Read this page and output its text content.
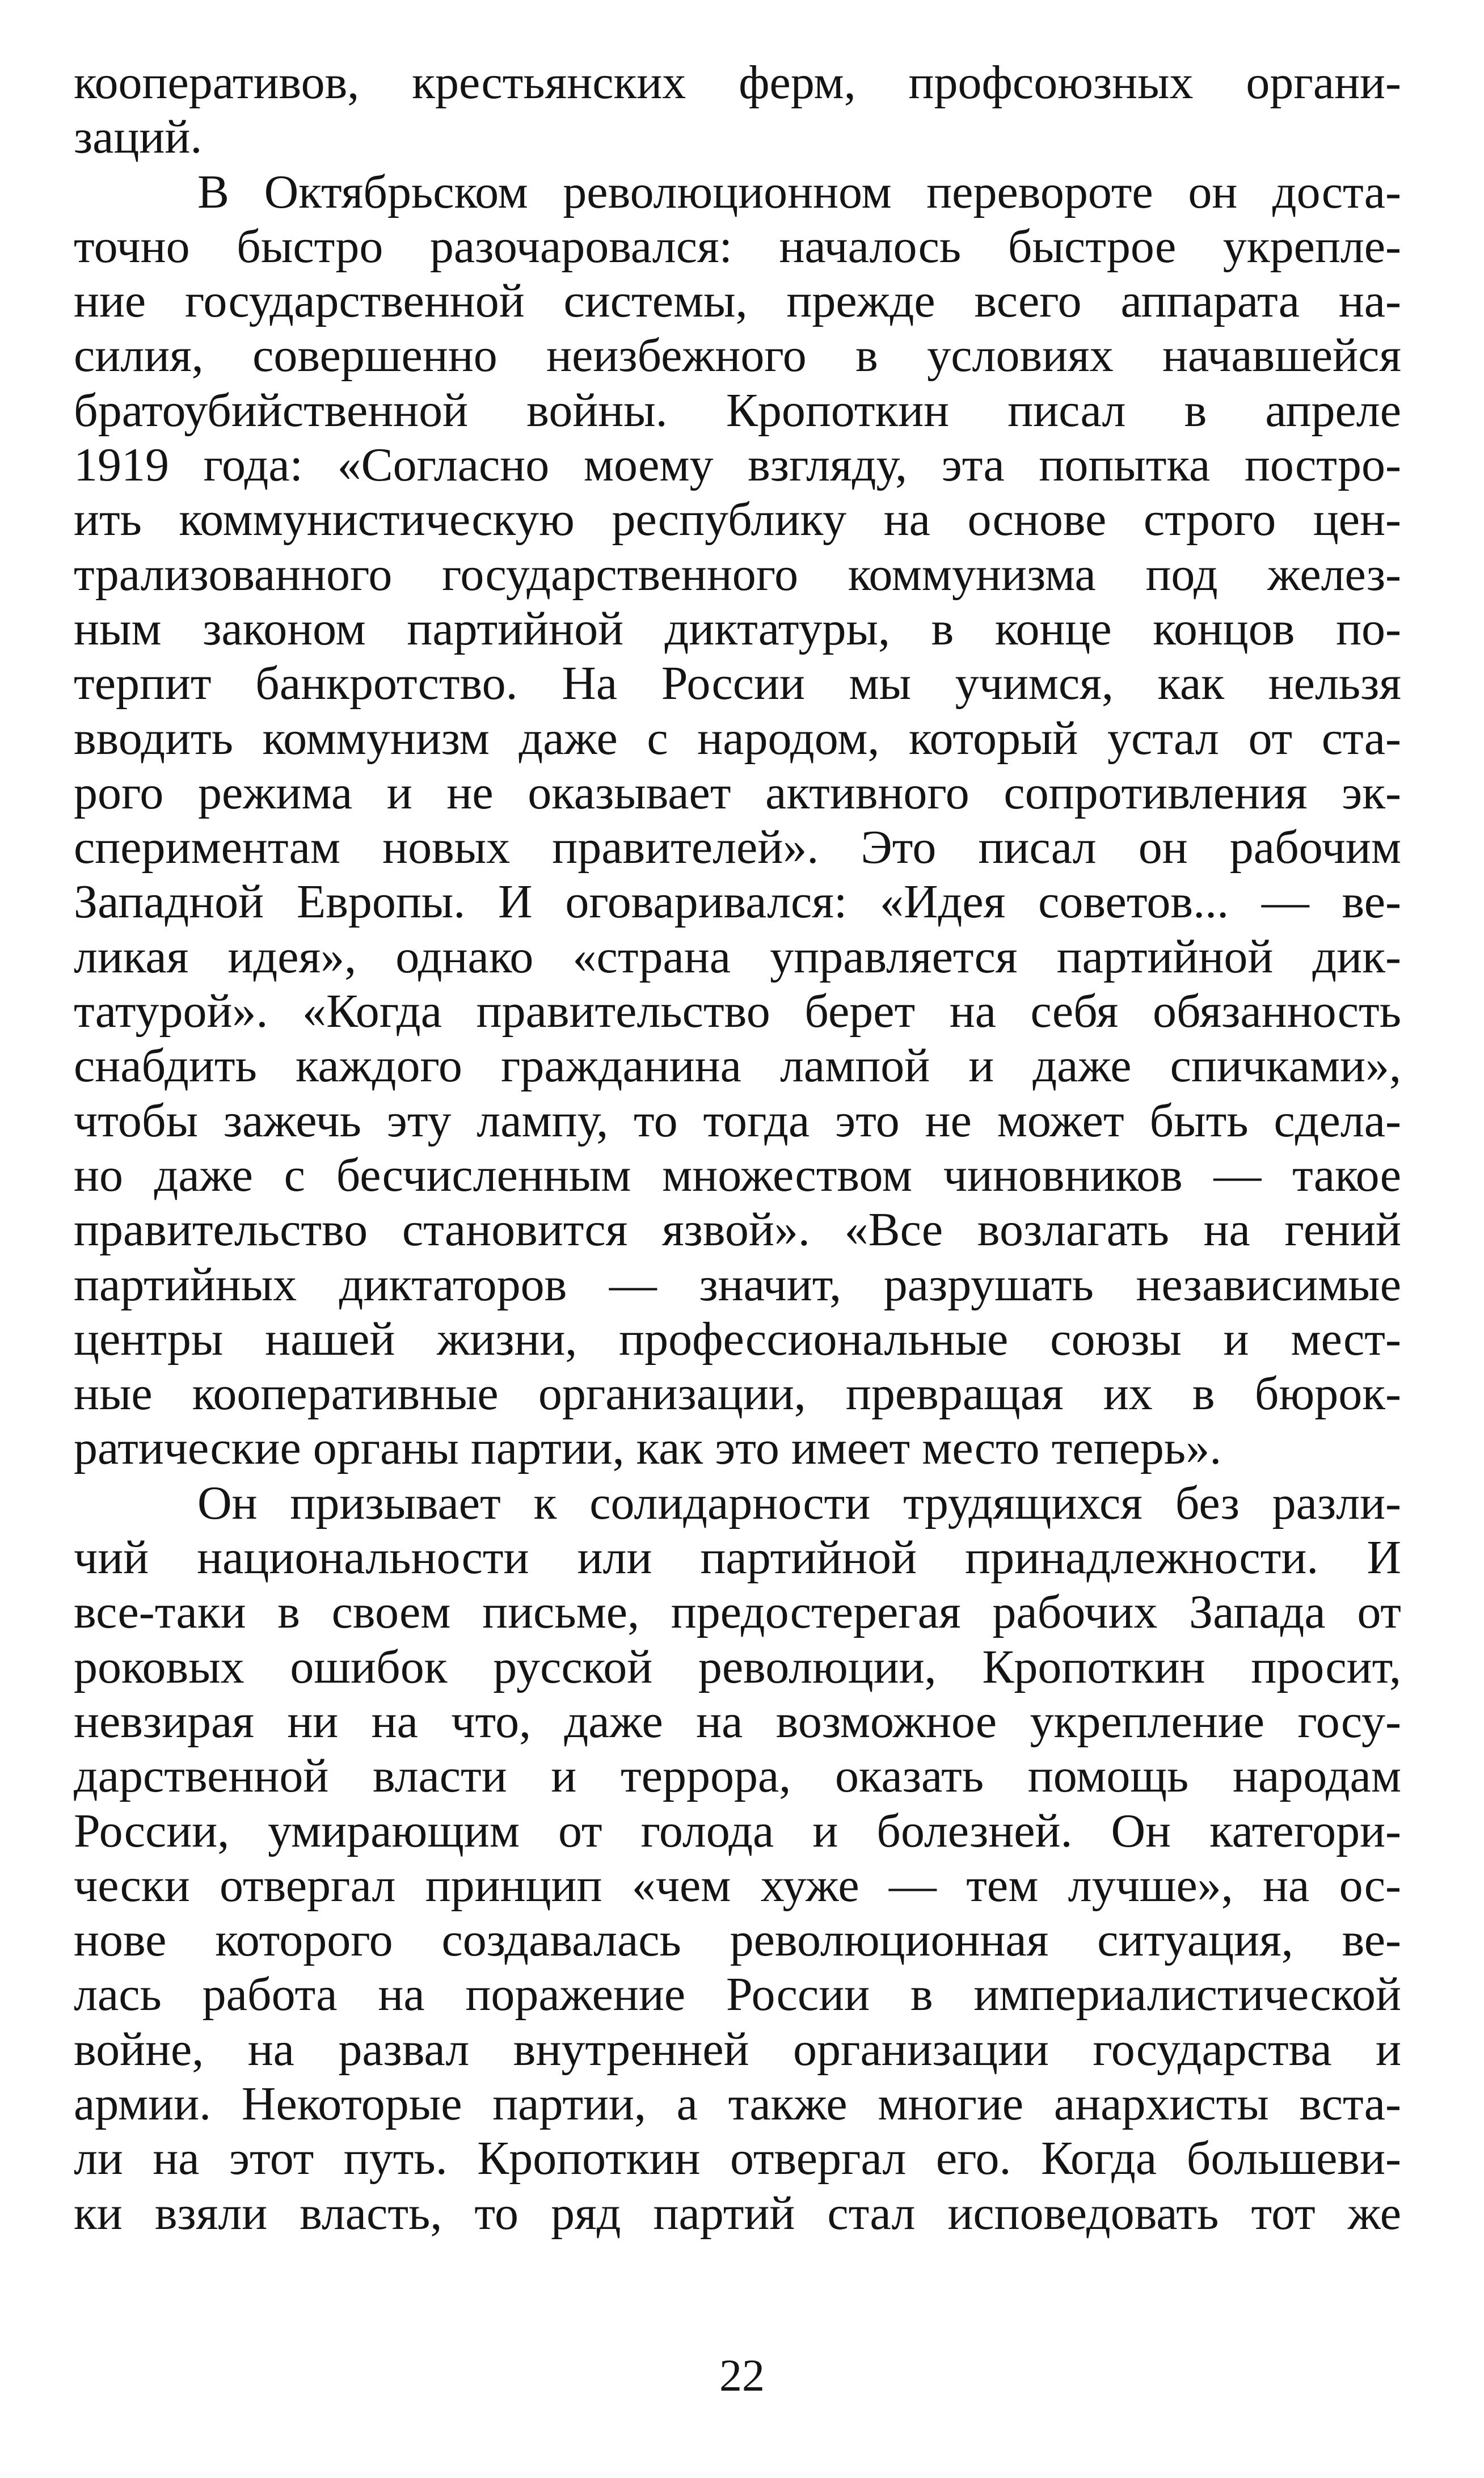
кооперативов, крестьянских ферм, профсоюзных органи-
заций.
В Октябрьском революционном перевороте он доста-
точно быстро разочаровался: началось быстрое укрепле-
ние государственной системы, прежде всего аппарата на-
силия, совершенно неизбежного в условиях начавшейся
братоубийственной войны. Кропоткин писал в апреле
1919 года: «Согласно моему взгляду, эта попытка постро-
ить коммунистическую республику на основе строго цен-
трализованного государственного коммунизма под желез-
ным законом партийной диктатуры, в конце концов по-
терпит банкротство. На России мы учимся, как нельзя
вводить коммунизм даже с народом, который устал от ста-
рого режима и не оказывает активного сопротивления эк-
спериментам новых правителей». Это писал он рабочим
Западной Европы. И оговаривался: «Идея советов... — ве-
ликая идея», однако «страна управляется партийной дик-
татурой». «Когда правительство берет на себя обязанность
снабдить каждого гражданина лампой и даже спичками»,
чтобы зажечь эту лампу, то тогда это не может быть сдела-
но даже с бесчисленным множеством чиновников — такое
правительство становится язвой». «Все возлагать на гений
партийных диктаторов — значит, разрушать независимые
центры нашей жизни, профессиональные союзы и мест-
ные кооперативные организации, превращая их в бюрок-
ратические органы партии, как это имеет место теперь».
Он призывает к солидарности трудящихся без разли-
чий национальности или партийной принадлежности. И
все-таки в своем письме, предостерегая рабочих Запада от
роковых ошибок русской революции, Кропоткин просит,
невзирая ни на что, даже на возможное укрепление госу-
дарственной власти и террора, оказать помощь народам
России, умирающим от голода и болезней. Он категори-
чески отвергал принцип «чем хуже — тем лучше», на ос-
нове которого создавалась революционная ситуация, ве-
лась работа на поражение России в империалистической
войне, на развал внутренней организации государства и
армии. Некоторые партии, а также многие анархисты вста-
ли на этот путь. Кропоткин отвергал его. Когда большеви-
ки взяли власть, то ряд партий стал исповедовать тот же
22
